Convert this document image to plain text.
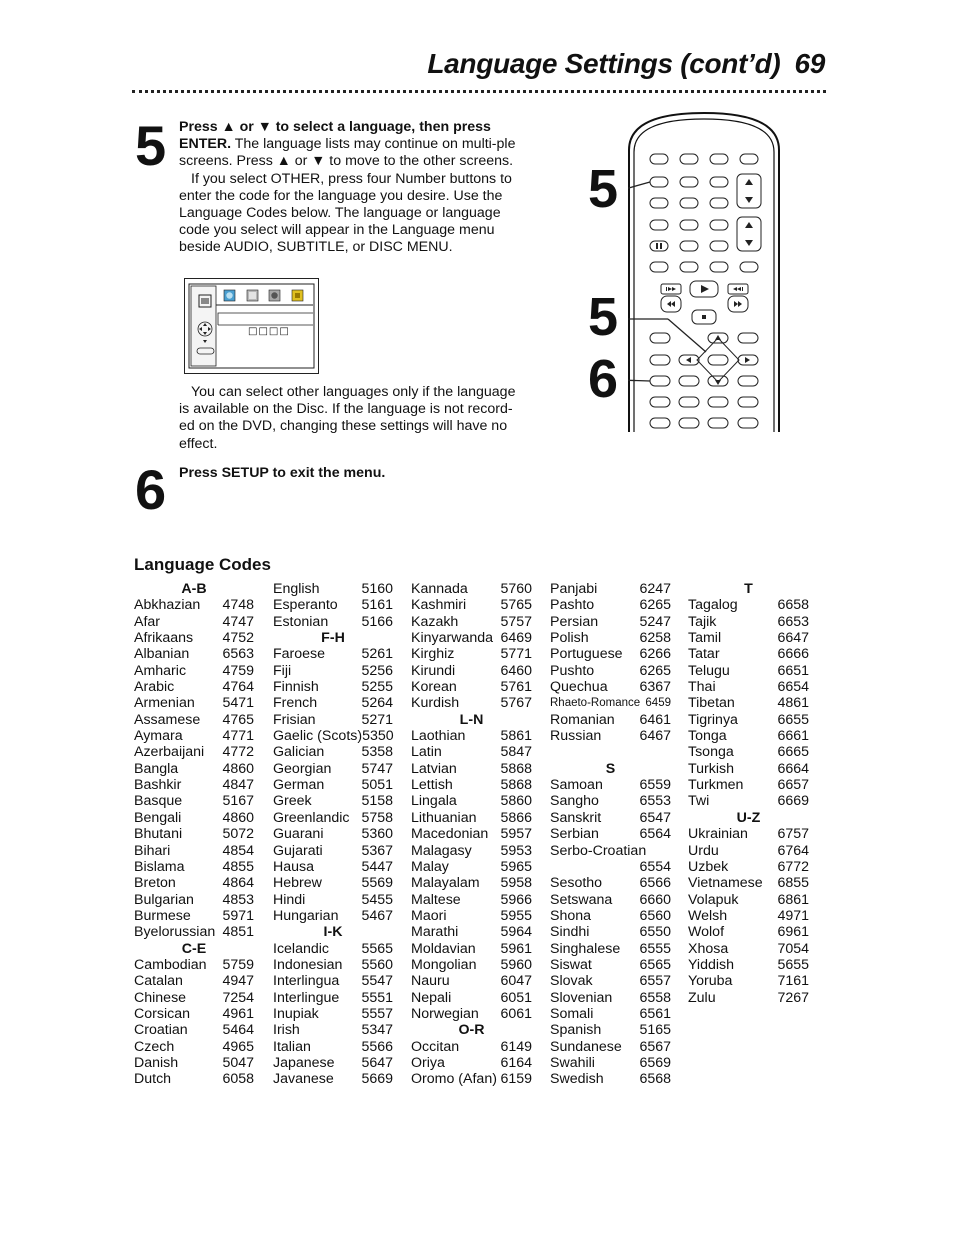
Language Settings (cont’d) 69
5 Press ▲ or ▼ to select a language, then press ENTER. The language lists may continue on multi-ple screens. Press ▲ or ▼ to move to the other screens.

If you select OTHER, press four Number buttons to enter the code for the language you desire. Use the Language Codes below. The language or language code you select will appear in the Language menu beside AUDIO, SUBTITLE, or DISC MENU.

□□□□

You can select other languages only if the language is available on the Disc. If the language is not record-ed on the DVD, changing these settings will have no effect.

6 Press SETUP to exit the menu.
5
5
6
Language Codes
A-B
Abkhazian 4748
Afar	4747
Afrikaans 4752
Albanian 6563
Amharic	4759
Arabic	4764
Armenian 5471
Assamese 4765
Aymara	4771
Azerbaijani 4772
Bangla	4860
Bashkir	4847
Basque	5167
Bengali	4860
Bhutani	5072
Bihari	4854
Bislama	4855
Breton	4864
Bulgarian 4853
Burmese 5971
Byelorussian 4851
C-E
Cambodian 5759
Catalan	4947
Chinese	7254
Corsican 4961
Croatian 5464
Czech	4965
Danish	5047
Dutch	6058
English	5160
Esperanto 5161
Estonian 5166
F-H
Faroese	5261
Fiji	5256
Finnish	5255
French	5264
Frisian	5271
Gaelic (Scots) 5350
Galician	5358
Georgian 5747
German	5051
Greek	5158
Greenlandic 5758
Guarani	5360
Gujarati	5367
Hausa	5447
Hebrew	5569
Hindi	5455
Hungarian 5467
I-K
Icelandic 5565
Indonesian 5560
Interlingua 5547
Interlingue 5551
Inupiak	5557
Irish	5347
Italian	5566
Japanese 5647
Javanese 5669
Kannada 5760
Kashmiri 5765
Kazakh	5757
Kinyarwanda 6469
Kirghiz	5771
Kirundi	6460
Korean	5761
Kurdish	5767
L-N
Laothian 5861
Latin	5847
Latvian	5868
Lettish	5868
Lingala	5860
Lithuanian 5866
Macedonian 5957
Malagasy 5953
Malay	5965
Malayalam 5958
Maltese	5966
Maori	5955
Marathi	5964
Moldavian 5961
Mongolian 5960
Nauru	6047
Nepali	6051
Norwegian 6061
O-R
Occitan	6149
Oriya	6164
Oromo (Afan) 6159
Panjabi	6247
Pashto	6265
Persian	5247
Polish	6258
Portuguese 6266
Pushto	6265
Quechua 6367
Rhaeto-Romance 6459
Romanian 6461
Russian	6467
S
Samoan	6559
Sangho	6553
Sanskrit	6547
Serbian	6564
Serbo-Croatian
6554
Sesotho	6566
Setswana 6660
Shona	6560
Sindhi	6550
Singhalese 6555
Siswat	6565
Slovak	6557
Slovenian 6558
Somali	6561
Spanish	5165
Sundanese 6567
Swahili	6569
Swedish	6568
T
Tagalog	6658
Tajik	6653
Tamil	6647
Tatar	6666
Telugu	6651
Thai	6654
Tibetan	4861
Tigrinya	6655
Tonga	6661
Tsonga	6665
Turkish	6664
Turkmen 6657
Twi	6669
U-Z
Ukrainian 6757
Urdu	6764
Uzbek	6772
Vietnamese 6855
Volapuk	6861
Welsh	4971
Wolof	6961
Xhosa	7054
Yiddish	5655
Yoruba	7161
Zulu	7267
